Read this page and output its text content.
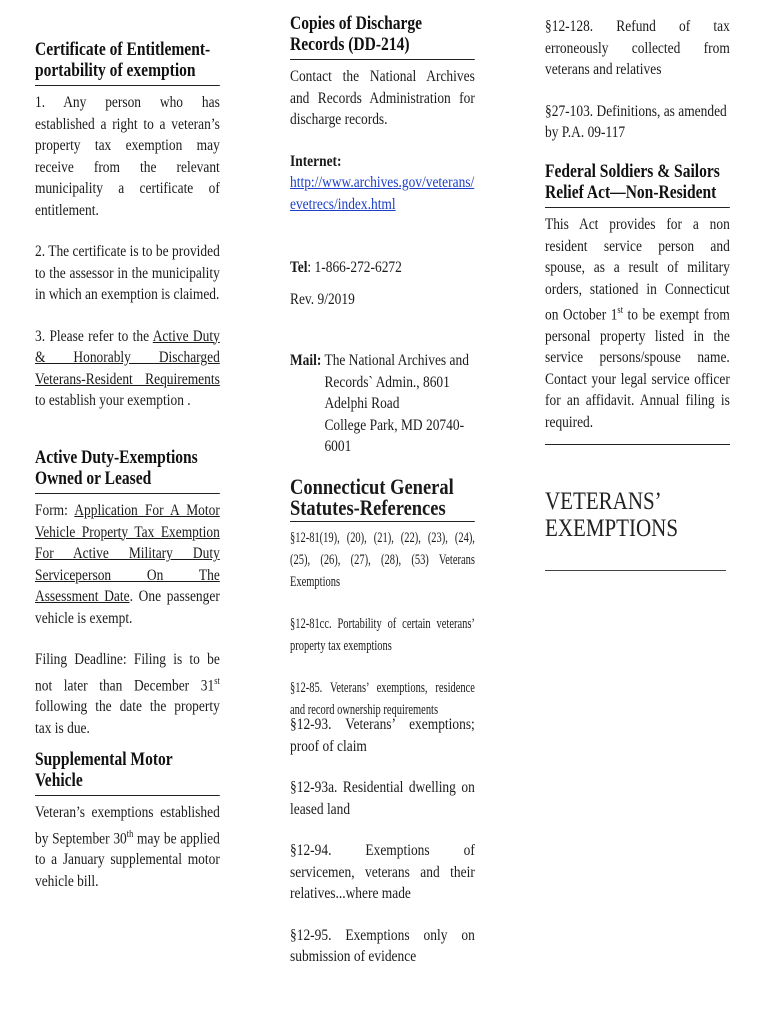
Certificate of Entitlement-portability of exemption

1. Any person who has established a right to a veteran’s property tax exemption may receive from the relevant municipality a certificate of entitlement.

2. The certificate is to be provided to the assessor in the municipality in which an exemption is claimed.

3. Please refer to the Active Duty & Honorably Discharged Veterans-Resident Requirements to establish your exemption .

Active Duty-Exemptions Owned or Leased

Form: Application For A Motor Vehicle Property Tax Exemption For Active Military Duty Serviceperson On The Assessment Date. One passenger vehicle is exempt.

Filing Deadline: Filing is to be not later than December 31st following the date the property tax is due.

Supplemental Motor Vehicle

Veteran’s exemptions established by September 30th may be applied to a January supplemental motor vehicle bill.

Copies of Discharge Records (DD-214)

Contact the National Archives and Records Administration for discharge records.

Internet:

http://www.archives.gov/veterans/evetrecs/index.html

Tel: 1-866-272-6272

Rev. 9/2019

Mail: The National Archives and
Records` Admin., 8601
Adelphi Road
College Park, MD 20740-
6001

Connecticut General Statutes-References

§12-81(19), (20), (21), (22), (23), (24), (25), (26), (27), (28), (53) Veterans Exemptions

§12-81cc. Portability of certain veterans’ property tax exemptions

§12-85. Veterans’ exemptions, residence and record ownership requirements

§12-93. Veterans’ exemptions; proof of claim

§12-93a. Residential dwelling on leased land

§12-94. Exemptions of servicemen, veterans and their relatives...where made

§12-95. Exemptions only on submission of evidence

§12-128. Refund of tax erroneously collected from veterans and relatives

§27-103. Definitions, as amended by P.A. 09-117

Federal Soldiers & Sailors Relief Act—Non-Resident

This Act provides for a non resident service person and spouse, as a result of military orders, stationed in Connecticut on October 1st to be exempt from personal property listed in the service persons/spouse name. Contact your legal service officer for an affidavit. Annual filing is required.

VETERANS’ EXEMPTIONS
